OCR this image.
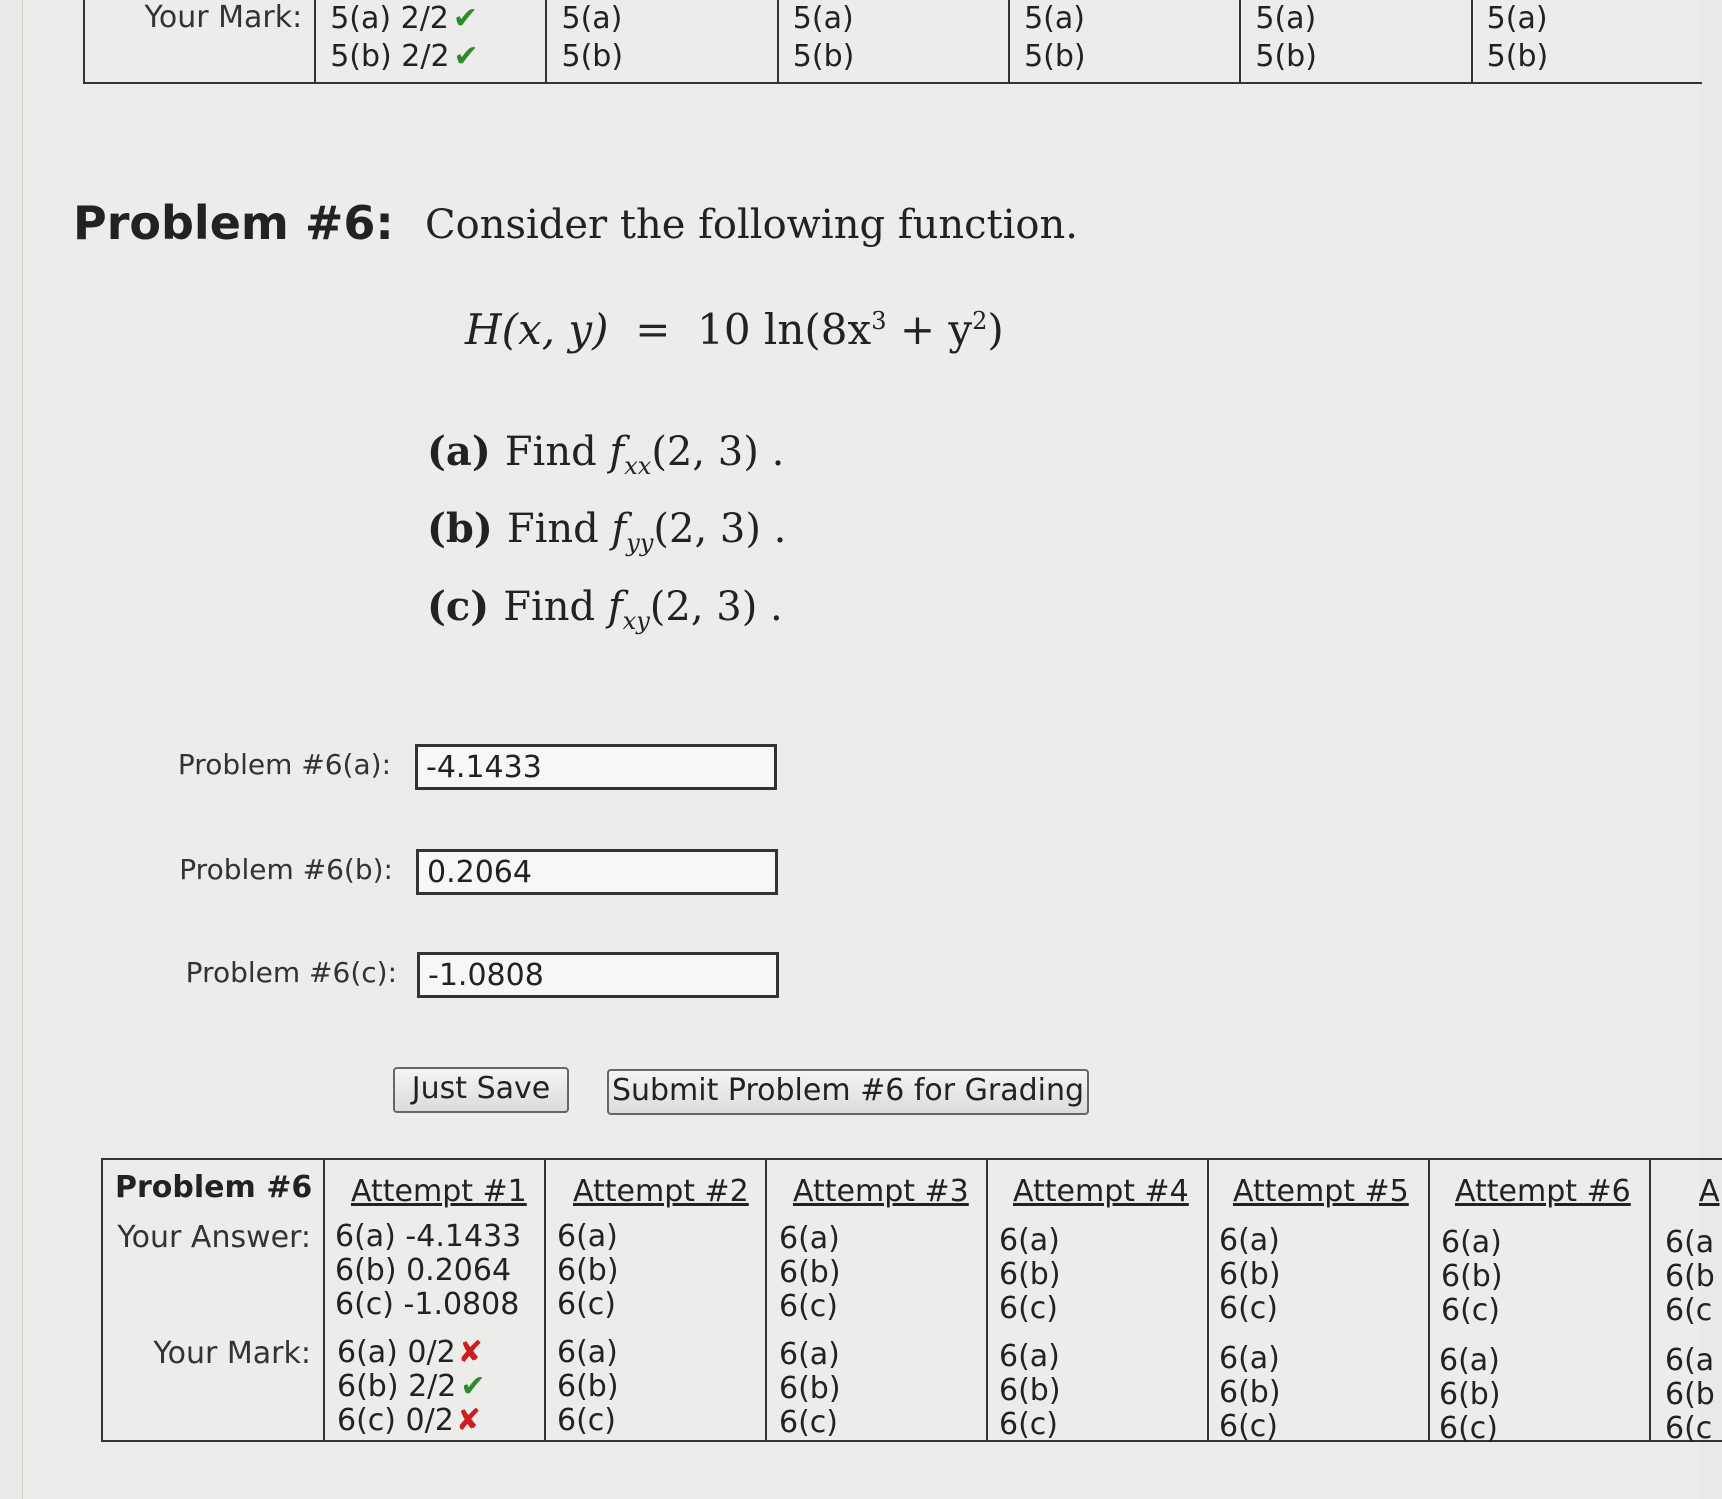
Your Mark: 5(a) 2/2 ✔
5(b) 2/2 ✔
5(a)
5(b)
5(a)
5(b)
5(a)
5(b)
5(a)
5(b)
5(a)
5(b)
Problem #6: Consider the following function.
H(x, y) = 10 $\ln(8x^3 + y^2)$
(a) Find $f_{xx}(2$, 3) .
(b) Find $f_{yy}(2$, 3) .
(c) Find $f_{xy}(2$, 3) .
Problem #6(a):
-4.1433
Problem #6(b):
0.2064
Problem #6(c):
-1.0808
Just Save	Submit Problem #6 for Grading
Problem #6
Your Answer:
Your Mark:
Attempt #1 Attempt #2 Attempt #3 Attempt #4 Attempt #5 Attempt #6 A
6(a) -4.1433
6(b) 0.2064
6(c) -1.0808
6(a) 0/2✘
6(b) 2/2 ✔
6(c) 0/2✘
6(a)
6(b)
6(c)
6(a)
6(b)
6(c)
6(a)
6(b)
6(c)
6(a)
6(b)
6(c)
6(a)
6(b)
6(c)
6(a)
6(b)
6(c)
6(a)
6(b)
6(c)
6(a)
6(b)
6(c)
6(a)
6(b)
6(c)
6(a)
6(b)
6(c)
6(a
6(b
6(c
6(a
6(b
6(c
